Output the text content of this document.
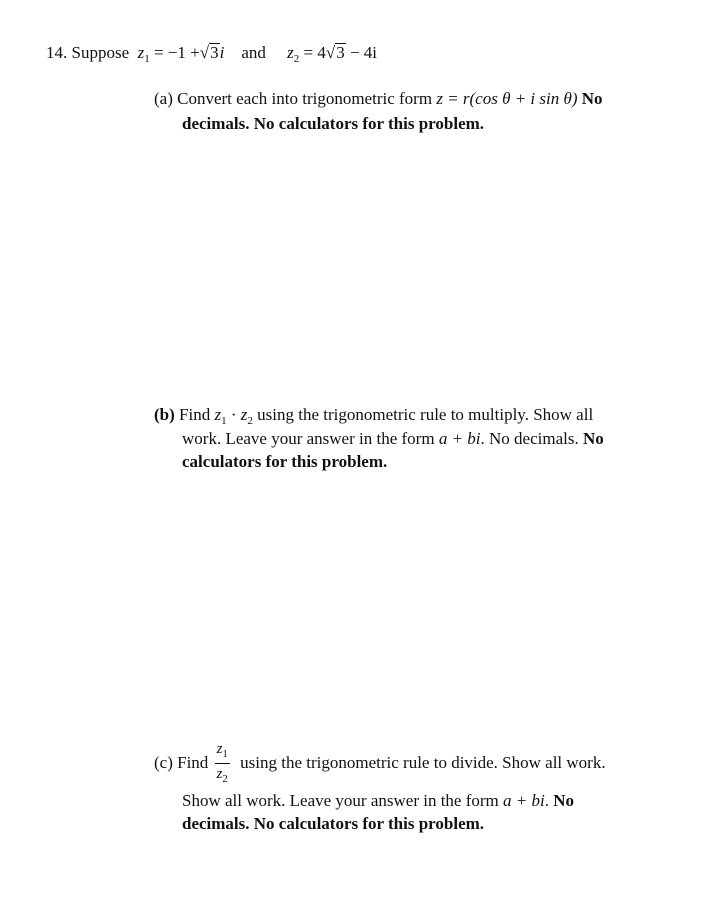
14. Suppose $z_1 = -1 +√3i$ and $z_2 = 4√3 - 4i$
(a) Convert each into trigonometric form z = r(cos θ + i sin θ) No
decimals. No calculators for this problem.
(b) Find $z_1 \cdot z_2$ using the trigonometric rule to multiply. Show all
work. Leave your answer in the form a + bi. No decimals. No
calculators for this problem.
(c) Find $\frac{z_1}{z_2}$ using the trigonometric rule to divide. Show all work.
Show all work. Leave your answer in the form a + bi. No
decimals. No calculators for this problem.
